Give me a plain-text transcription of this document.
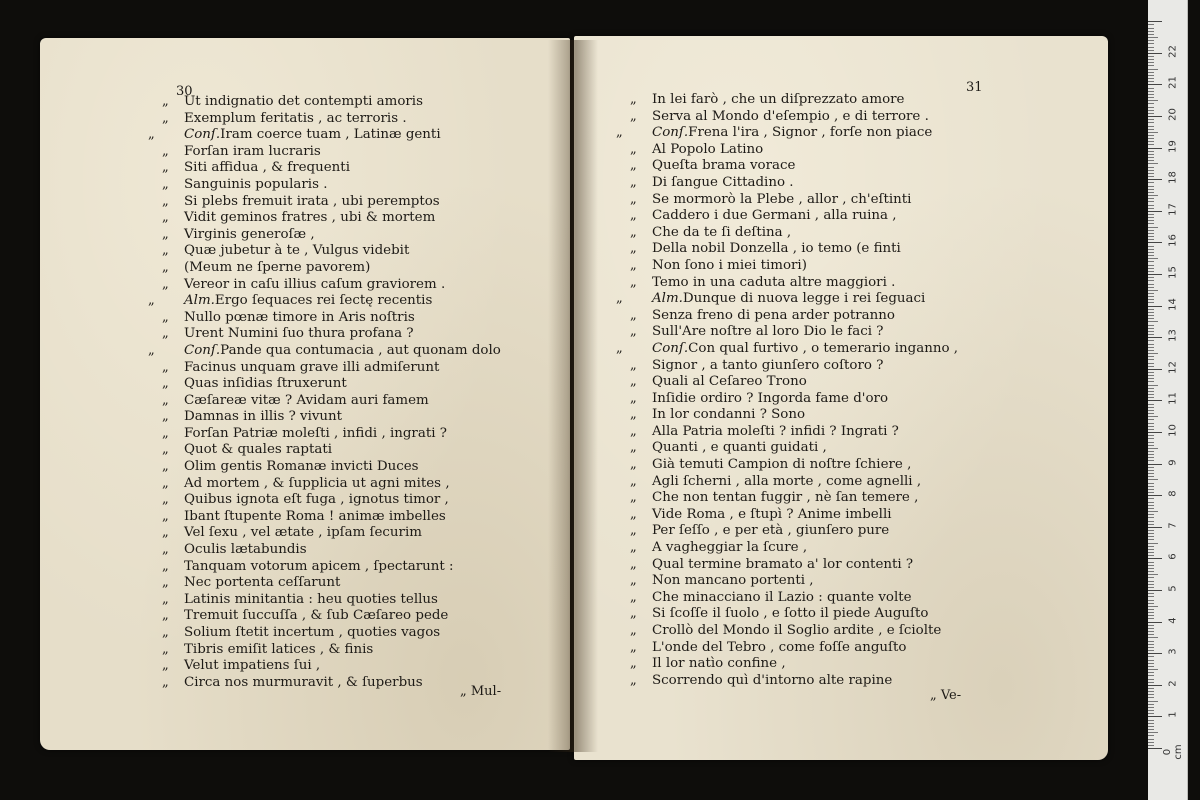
30
„ Ut indignatio det contempti amoris
„ Exemplum feritatis , ac terroris .
„ Conſ.Iram coerce tuam , Latinæ genti
„ Forſan iram lucraris
„ Siti affidua , & frequenti
„ Sanguinis popularis .
„ Si plebs fremuit irata , ubi peremptos
„ Vidit geminos fratres , ubi & mortem
„ Virginis generoſæ ,
„ Quæ jubetur à te , Vulgus videbit
„ (Meum ne ſperne pavorem)
„ Vereor in caſu illius caſum graviorem .
„ Alm.Ergo ſequaces rei ſectę recentis
„ Nullo pœnæ timore in Aris noſtris
„ Urent Numini ſuo thura profana ?
„ Conſ.Pande qua contumacia , aut quonam dolo
„ Facinus unquam grave illi admiſerunt
„ Quas inſidias ſtruxerunt
„ Cæſareæ vitæ ? Avidam auri famem
„ Damnas in illis ? vivunt
„ Forſan Patriæ moleſti , infidi , ingrati ?
„ Quot & quales raptati
„ Olim gentis Romanæ invicti Duces
„ Ad mortem , & ſupplicia ut agni mites ,
„ Quibus ignota eſt fuga , ignotus timor ,
„ Ibant ſtupente Roma ! animæ imbelles
„ Vel ſexu , vel ætate , ipſam ſecurim
„ Oculis lætabundis
„ Tanquam votorum apicem , ſpectarunt :
„ Nec portenta ceſſarunt
„ Latinis minitantia : heu quoties tellus
„ Tremuit ſuccuſſa , & ſub Cæſareo pede
„ Solium ſtetit incertum , quoties vagos
„ Tibris emiſit latices , & finis
„ Velut impatiens ſui ,
„ Circa nos murmuravit , & ſuperbus
„ Mul-
31
„ In lei farò , che un diſprezzato amore
„ Serva al Mondo d'eſempio , e di terrore .
„ Conſ.Frena l'ira , Signor , forſe non piace
„ Al Popolo Latino
„ Queſta brama vorace
„ Di ſangue Cittadino .
„ Se mormorò la Plebe , allor , ch'eſtinti
„ Caddero i due Germani , alla ruina ,
„ Che da te ſi deſtina ,
„ Della nobil Donzella , io temo (e finti
„ Non ſono i miei timori)
„ Temo in una caduta altre maggiori .
„ Alm.Dunque di nuova legge i rei ſeguaci
„ Senza freno di pena arder potranno
„ Sull'Are noſtre al loro Dio le faci ?
„ Conſ.Con qual furtivo , o temerario inganno ,
„ Signor , a tanto giunſero coſtoro ?
„ Quali al Ceſareo Trono
„ Inſidie ordiro ? Ingorda fame d'oro
„ In lor condanni ? Sono
„ Alla Patria moleſti ? infidi ? Ingrati ?
„ Quanti , e quanti guidati ,
„ Già temuti Campion di noſtre ſchiere ,
„ Agli ſcherni , alla morte , come agnelli ,
„ Che non tentan fuggir , nè ſan temere ,
„ Vide Roma , e ſtupì ? Anime imbelli
„ Per ſeſſo , e per età , giunſero pure
„ A vagheggiar la ſcure ,
„ Qual termine bramato a' lor contenti ?
„ Non mancano portenti ,
„ Che minacciano il Lazio : quante volte
„ Si ſcoſſe il ſuolo , e ſotto il piede Auguſto
„ Crollò del Mondo il Soglio ardite , e ſciolte
„ L'onde del Tebro , come foſſe anguſto
„ Il lor natìo confine ,
„ Scorrendo quì d'intorno alte rapine
„ Ve-
0 cm
1
2
3
4
5
6
7
8
9
10
11
12
13
14
15
16
17
18
19
20
21
22
